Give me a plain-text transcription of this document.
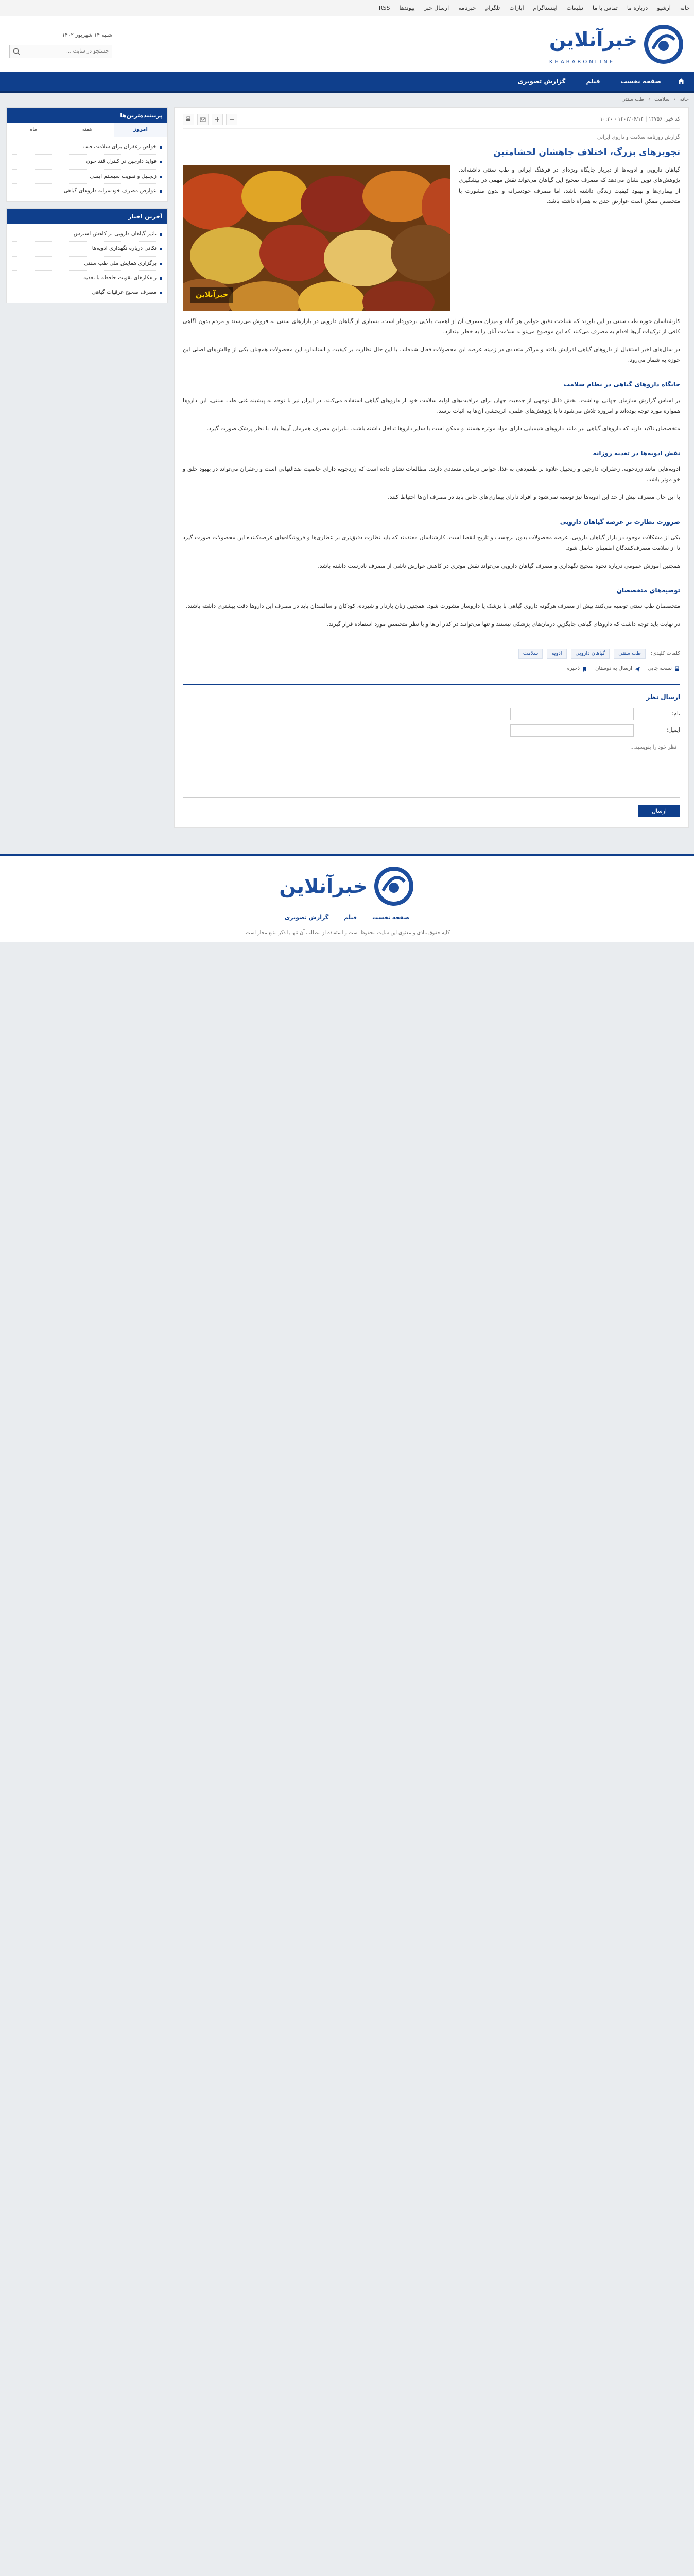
خانه
آرشیو
درباره ما
تماس با ما
تبلیغات
اینستاگرام
آپارات
تلگرام
خبرنامه
ارسال خبر
پیوندها
RSS
خبرآنلاین
KHABARONLINE
شنبه ۱۴ شهریور ۱۴۰۲
جستجو در سایت ...
صفحه نخست
فیلم
گزارش تصویری
خانه
›
سلامت
›
طب سنتی
کد خبر: ۱۴۷۵۶ | ۱۴۰۲/۰۶/۱۴ - ۱۰:۳۰
گزارش روزنامه سلامت و داروی ایرانی
تجویزهای بزرگ، اختلاف چاهشان لحشامتین
گیاهان دارویی و ادویه‌ها از دیرباز جایگاه ویژه‌ای در فرهنگ ایرانی و طب سنتی داشته‌اند. پژوهش‌های نوین نشان می‌دهد که مصرف صحیح این گیاهان می‌تواند نقش مهمی در پیشگیری از بیماری‌ها و بهبود کیفیت زندگی داشته باشد، اما مصرف خودسرانه و بدون مشورت با متخصص ممکن است عوارض جدی به همراه داشته باشد.
خبرآنلاین

کارشناسان حوزه طب سنتی بر این باورند که شناخت دقیق خواص هر گیاه و میزان مصرف آن از اهمیت بالایی برخوردار است. بسیاری از گیاهان دارویی در بازارهای سنتی به فروش می‌رسند و مردم بدون آگاهی کافی از ترکیبات آن‌ها اقدام به مصرف می‌کنند که این موضوع می‌تواند سلامت آنان را به خطر بیندازد.

در سال‌های اخیر استقبال از داروهای گیاهی افزایش یافته و مراکز متعددی در زمینه عرضه این محصولات فعال شده‌اند. با این حال نظارت بر کیفیت و استاندارد این محصولات همچنان یکی از چالش‌های اصلی این حوزه به شمار می‌رود.

جایگاه داروهای گیاهی در نظام سلامت

بر اساس گزارش سازمان جهانی بهداشت، بخش قابل توجهی از جمعیت جهان برای مراقبت‌های اولیه سلامت خود از داروهای گیاهی استفاده می‌کنند. در ایران نیز با توجه به پیشینه غنی طب سنتی، این داروها همواره مورد توجه بوده‌اند و امروزه تلاش می‌شود تا با پژوهش‌های علمی، اثربخشی آن‌ها به اثبات برسد.

متخصصان تاکید دارند که داروهای گیاهی نیز مانند داروهای شیمیایی دارای مواد موثره هستند و ممکن است با سایر داروها تداخل داشته باشند. بنابراین مصرف همزمان آن‌ها باید با نظر پزشک صورت گیرد.

نقش ادویه‌ها در تغذیه روزانه

ادویه‌هایی مانند زردچوبه، زعفران، دارچین و زنجبیل علاوه بر طعم‌دهی به غذا، خواص درمانی متعددی دارند. مطالعات نشان داده است که زردچوبه دارای خاصیت ضدالتهابی است و زعفران می‌تواند در بهبود خلق و خو موثر باشد.

با این حال مصرف بیش از حد این ادویه‌ها نیز توصیه نمی‌شود و افراد دارای بیماری‌های خاص باید در مصرف آن‌ها احتیاط کنند.

ضرورت نظارت بر عرضه گیاهان دارویی

یکی از مشکلات موجود در بازار گیاهان دارویی، عرضه محصولات بدون برچسب و تاریخ انقضا است. کارشناسان معتقدند که باید نظارت دقیق‌تری بر عطاری‌ها و فروشگاه‌های عرضه‌کننده این محصولات صورت گیرد تا از سلامت مصرف‌کنندگان اطمینان حاصل شود.

همچنین آموزش عمومی درباره نحوه صحیح نگهداری و مصرف گیاهان دارویی می‌تواند نقش موثری در کاهش عوارض ناشی از مصرف نادرست داشته باشد.

توصیه‌های متخصصان

متخصصان طب سنتی توصیه می‌کنند پیش از مصرف هرگونه داروی گیاهی با پزشک یا داروساز مشورت شود. همچنین زنان باردار و شیرده، کودکان و سالمندان باید در مصرف این داروها دقت بیشتری داشته باشند.

در نهایت باید توجه داشت که داروهای گیاهی جایگزین درمان‌های پزشکی نیستند و تنها می‌توانند در کنار آن‌ها و با نظر متخصص مورد استفاده قرار گیرند.

کلمات کلیدی:
طب سنتی
گیاهان دارویی
ادویه
سلامت
نسخه چاپی
ارسال به دوستان
ذخیره
ارسال نظر
نام:
ایمیل:
نظر خود را بنویسید... ارسال
پربیننده‌ترین‌ها
امروز
هفته
ماه
خواص زعفران برای سلامت قلب
فواید دارچین در کنترل قند خون
زنجبیل و تقویت سیستم ایمنی
عوارض مصرف خودسرانه داروهای گیاهی
آخرین اخبار
تاثیر گیاهان دارویی بر کاهش استرس
نکاتی درباره نگهداری ادویه‌ها
برگزاری همایش ملی طب سنتی
راهکارهای تقویت حافظه با تغذیه
مصرف صحیح عرقیات گیاهی
خبرآنلاین
صفحه نخست
فیلم
گزارش تصویری
کلیه حقوق مادی و معنوی این سایت محفوظ است و استفاده از مطالب آن تنها با ذکر منبع مجاز است.
